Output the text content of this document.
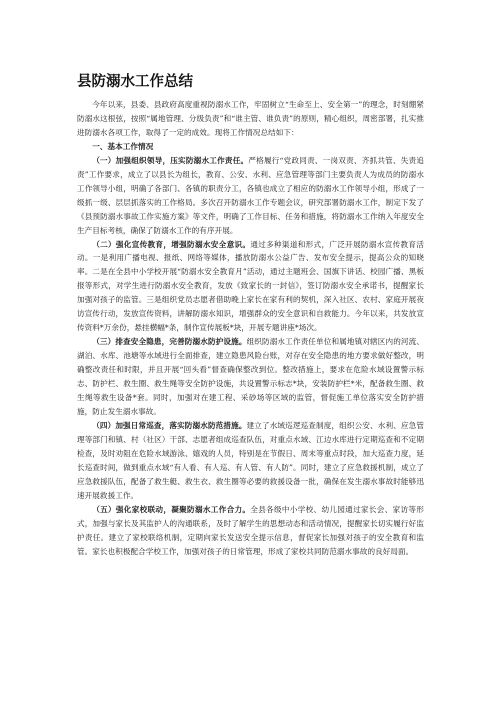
县防溺水工作总结

今年以来，县委、县政府高度重视防溺水工作，牢固树立“生命至上、安全第一”的理念，时刻绷紧防溺水这根弦，按照“属地管理、分级负责”和“谁主管、谁负责”的原则，精心组织，周密部署，扎实推进防溺水各项工作，取得了一定的成效。现将工作情况总结如下：

一、基本工作情况

（一）加强组织领导，压实防溺水工作责任。严格履行“党政同责、一岗双责、齐抓共管、失责追责”工作要求，成立了以县长为组长，教育、公安、水利、应急管理等部门主要负责人为成员的防溺水工作领导小组，明确了各部门、各镇的职责分工，各镇也成立了相应的防溺水工作领导小组，形成了一级抓一级、层层抓落实的工作格局。多次召开防溺水工作专题会议，研究部署防溺水工作，制定下发了《县预防溺水事故工作实施方案》等文件，明确了工作目标、任务和措施，将防溺水工作纳入年度安全生产目标考核，确保了防溺水工作的有序开展。

（二）强化宣传教育，增强防溺水安全意识。通过多种渠道和形式，广泛开展防溺水宣传教育活动。一是利用广播电视、报纸、网络等媒体，播放防溺水公益广告、发布安全提示，提高公众的知晓率。二是在全县中小学校开展“防溺水安全教育月”活动，通过主题班会、国旗下讲话、校园广播、黑板报等形式，对学生进行防溺水安全教育，发放《致家长的一封信》，签订防溺水安全承诺书，提醒家长加强对孩子的监管。三是组织党员志愿者借助晚上家长在家有利的契机，深入社区、农村、家庭开展夜访宣传行动，发放宣传资料，讲解防溺水知识，增强群众的安全意识和自救能力。今年以来，共发放宣传资料*万余份，悬挂横幅*条，制作宣传展板*块，开展专题讲座*场次。

（三）排查安全隐患，完善防溺水防护设施。组织防溺水工作责任单位和属地镇对辖区内的河流、湖泊、水库、池塘等水域进行全面排查，建立隐患风险台账，对存在安全隐患的地方要求做好整改，明确整改责任和时限，并且开展“回头看”督查确保整改到位。整改措施上，要求在危险水域设置警示标志、防护栏、救生圈、救生绳等安全防护设施，共设置警示标志*块，安装防护栏*米，配备救生圈、救生绳等救生设备*套。同时，加强对在建工程、采砂场等区域的监管，督促施工单位落实安全防护措施，防止发生溺水事故。

（四）加强日常巡查，落实防溺水防范措施。建立了水域巡逻巡查制度，组织公安、水利、应急管理等部门和镇、村（社区）干部、志愿者组成巡查队伍，对重点水域、江边水库进行定期巡查和不定期检查，及时劝阻在危险水域游泳、嬉戏的人员，特别是在节假日、周末等重点时段，加大巡查力度，延长巡查时间，做到重点水域“有人看、有人巡、有人管、有人防”。同时，建立了应急救援机制，成立了应急救援队伍，配备了救生艇、救生衣、救生圈等必要的救援设备一批，确保在发生溺水事故时能够迅速开展救援工作。

（五）强化家校联动，凝聚防溺水工作合力。全县各级中小学校、幼儿园通过家长会、家访等形式，加强与家长及其监护人的沟通联系，及时了解学生的思想动态和活动情况，提醒家长切实履行好监护责任。建立了家校联络机制，定期向家长发送安全提示信息，督促家长加强对孩子的安全教育和监管。家长也积极配合学校工作，加强对孩子的日常管理，形成了家校共同防范溺水事故的良好局面。
